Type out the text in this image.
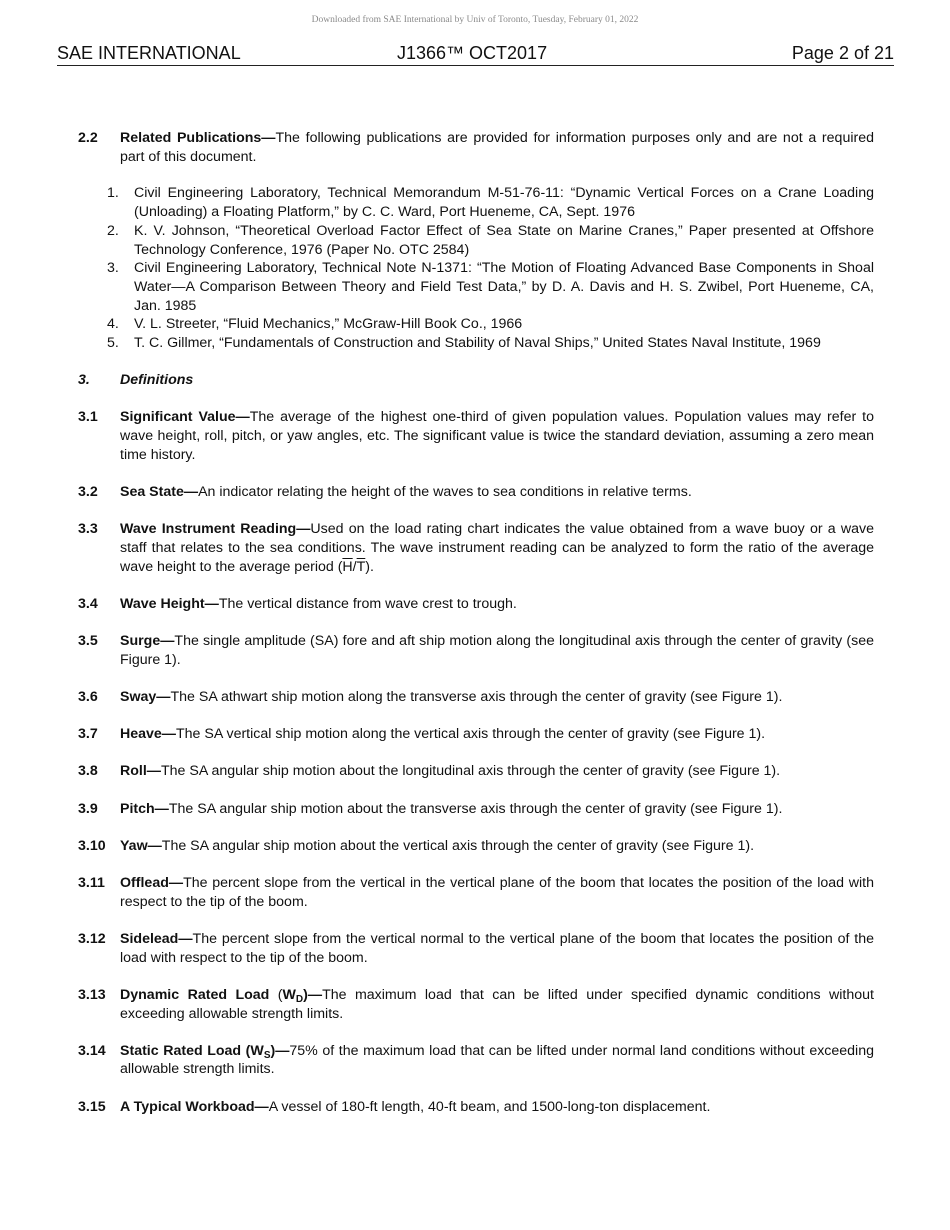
Downloaded from SAE International by Univ of Toronto, Tuesday, February 01, 2022
SAE INTERNATIONAL	J1366™ OCT2017	Page 2 of 21
2.2 Related Publications—The following publications are provided for information purposes only and are not a required part of this document.
1. Civil Engineering Laboratory, Technical Memorandum M-51-76-11: “Dynamic Vertical Forces on a Crane Loading (Unloading) a Floating Platform,” by C. C. Ward, Port Hueneme, CA, Sept. 1976
2. K. V. Johnson, “Theoretical Overload Factor Effect of Sea State on Marine Cranes,” Paper presented at Offshore Technology Conference, 1976 (Paper No. OTC 2584)
3. Civil Engineering Laboratory, Technical Note N-1371: “The Motion of Floating Advanced Base Components in Shoal Water—A Comparison Between Theory and Field Test Data,” by D. A. Davis and H. S. Zwibel, Port Hueneme, CA, Jan. 1985
4. V. L. Streeter, “Fluid Mechanics,” McGraw-Hill Book Co., 1966
5. T. C. Gillmer, “Fundamentals of Construction and Stability of Naval Ships,” United States Naval Institute, 1969
3. Definitions
3.1 Significant Value—The average of the highest one-third of given population values. Population values may refer to wave height, roll, pitch, or yaw angles, etc. The significant value is twice the standard deviation, assuming a zero mean time history.
3.2 Sea State—An indicator relating the height of the waves to sea conditions in relative terms.
3.3 Wave Instrument Reading—Used on the load rating chart indicates the value obtained from a wave buoy or a wave staff that relates to the sea conditions. The wave instrument reading can be analyzed to form the ratio of the average wave height to the average period $(\overline{H}/\overline{T})$.
3.4 Wave Height—The vertical distance from wave crest to trough.
3.5 Surge—The single amplitude (SA) fore and aft ship motion along the longitudinal axis through the center of gravity (see Figure 1).
3.6 Sway—The SA athwart ship motion along the transverse axis through the center of gravity (see Figure 1).
3.7 Heave—The SA vertical ship motion along the vertical axis through the center of gravity (see Figure 1).
3.8 Roll—The SA angular ship motion about the longitudinal axis through the center of gravity (see Figure 1).
3.9 Pitch—The SA angular ship motion about the transverse axis through the center of gravity (see Figure 1).
3.10 Yaw—The SA angular ship motion about the vertical axis through the center of gravity (see Figure 1).
3.11 Offlead—The percent slope from the vertical in the vertical plane of the boom that locates the position of the load with respect to the tip of the boom.
3.12 Sidelead—The percent slope from the vertical normal to the vertical plane of the boom that locates the position of the load with respect to the tip of the boom.
3.13 Dynamic Rated Load $(W_D)—The$ maximum load that can be lifted under specified dynamic conditions without exceeding allowable strength limits.
3.14 Static Rated Load $(W_S)—75\%$ of the maximum load that can be lifted under normal land conditions without exceeding allowable strength limits.
3.15 A Typical Workboad—A vessel of 180-ft length, 40-ft beam, and 1500-long-ton displacement.
